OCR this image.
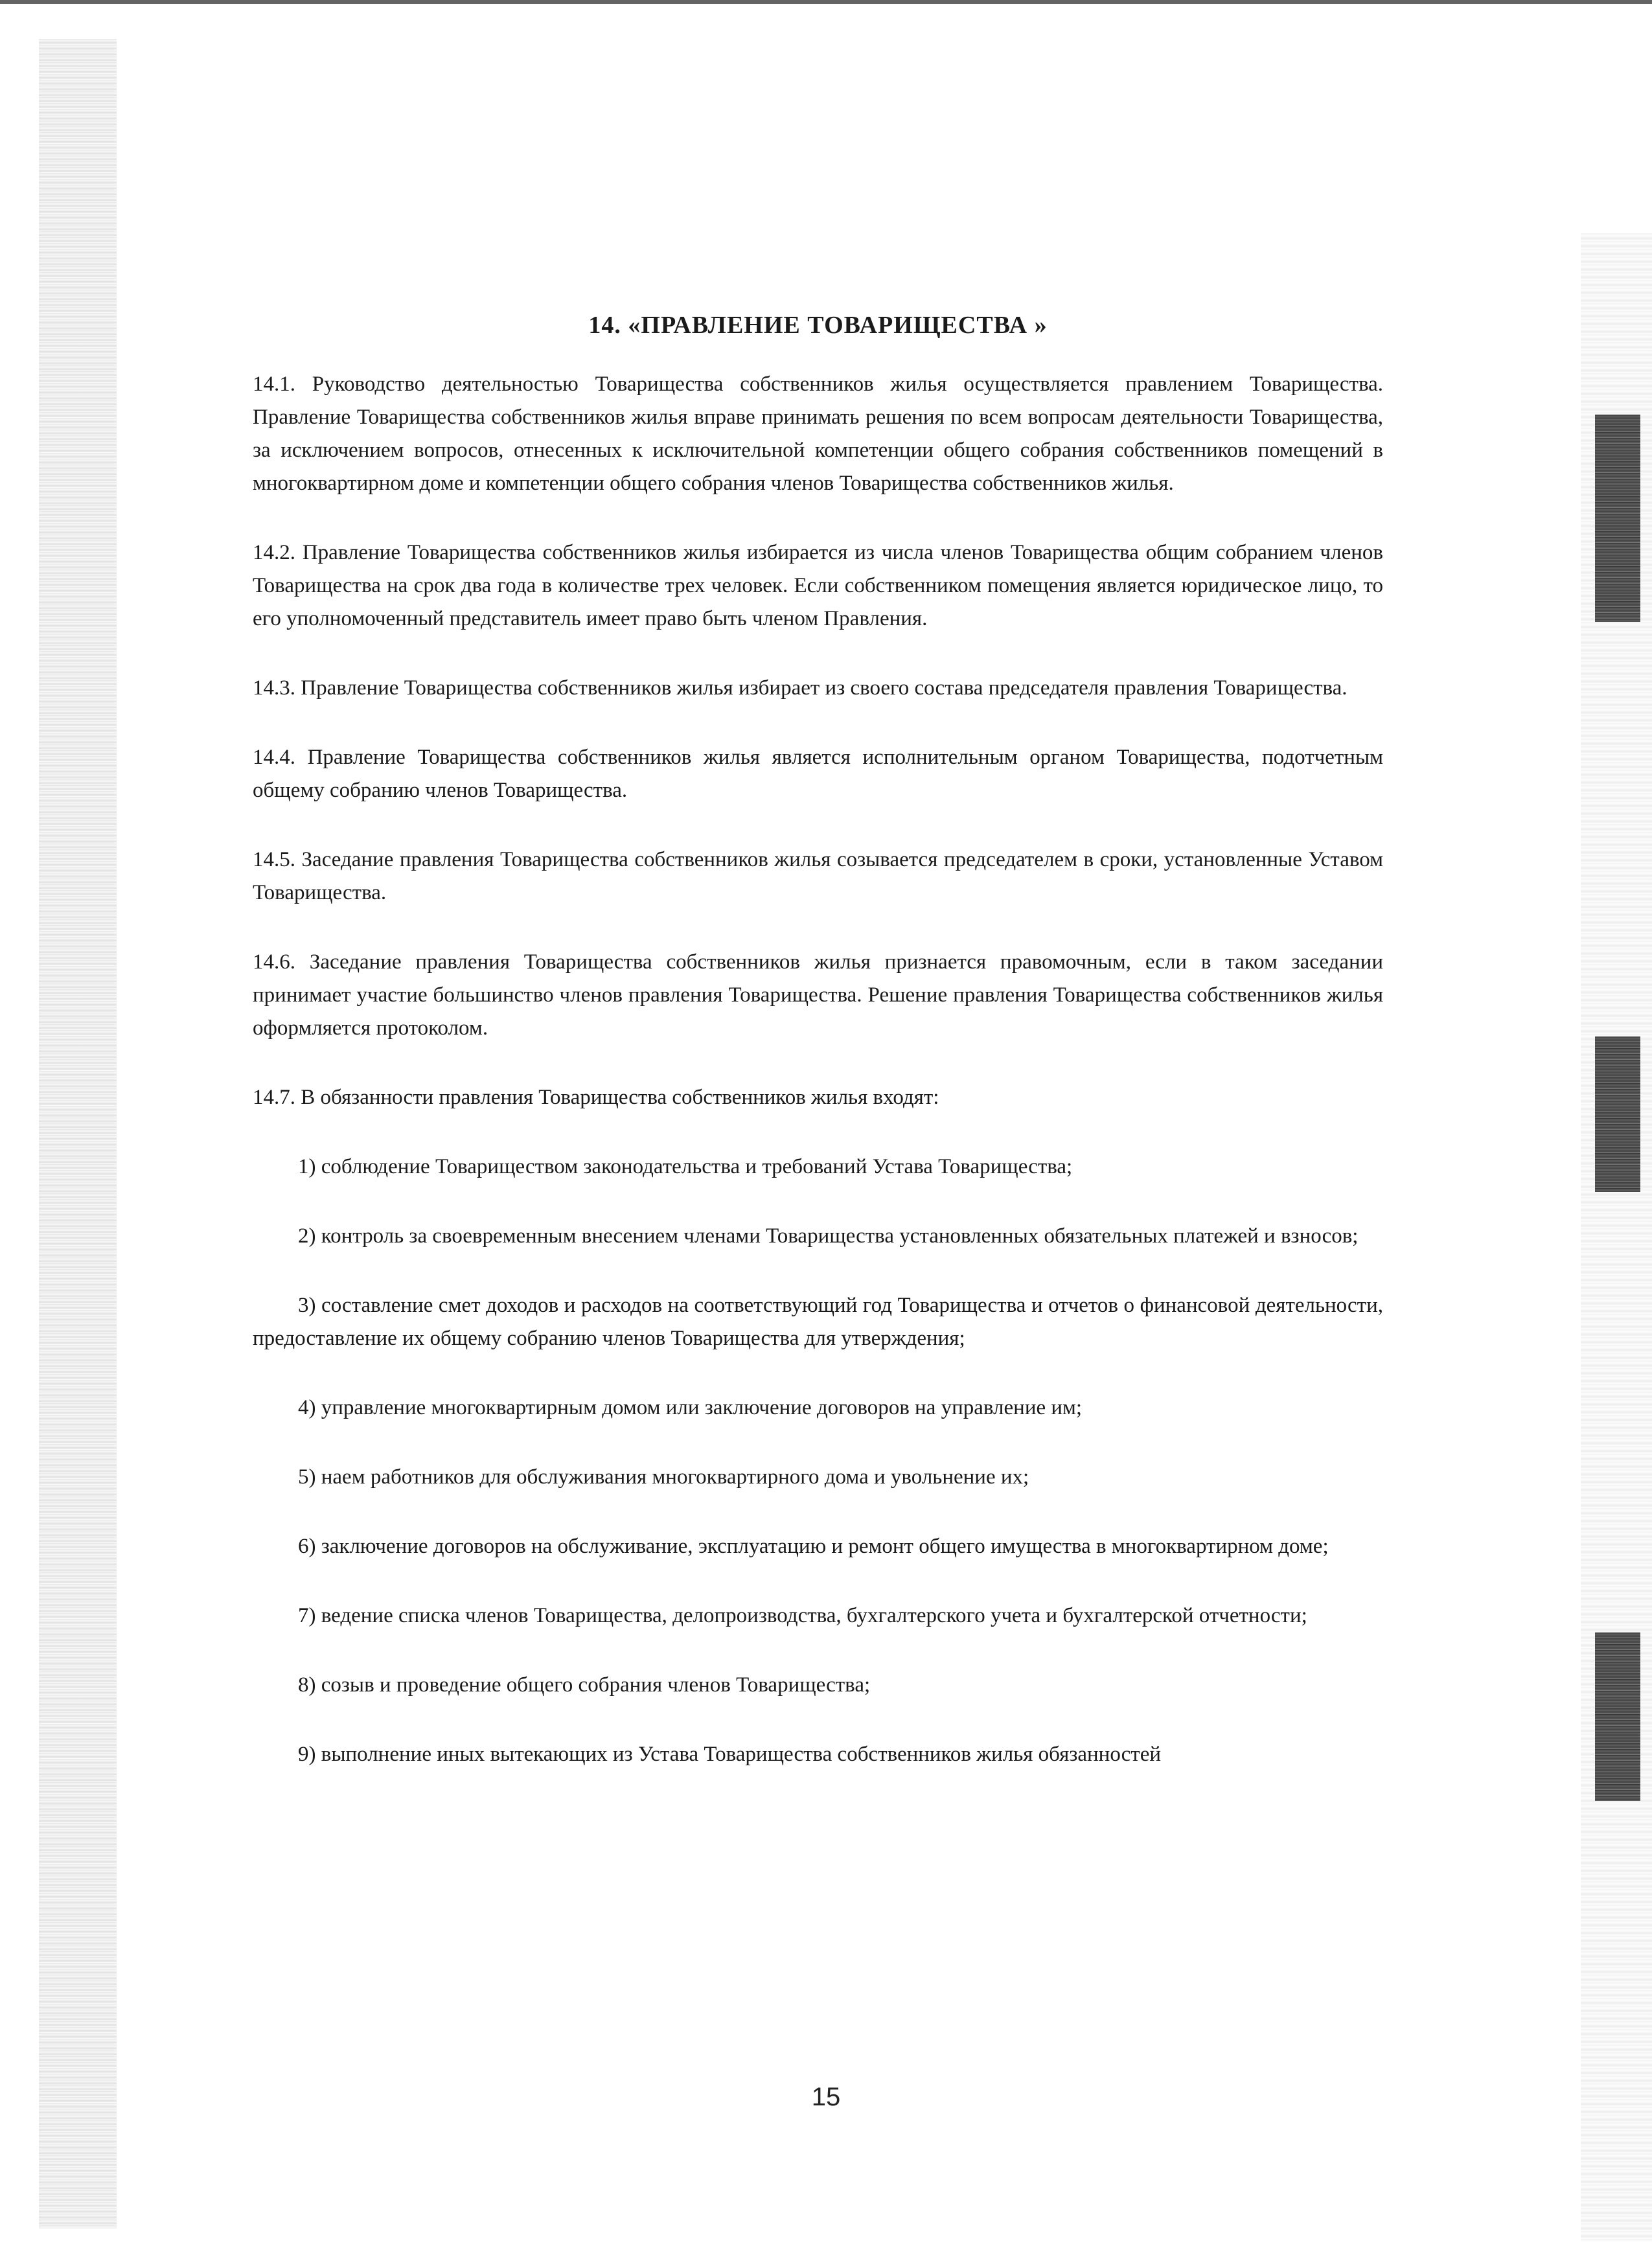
14. «ПРАВЛЕНИЕ ТОВАРИЩЕСТВА »

14.1. Руководство деятельностью Товарищества собственников жилья осуществляется правлением Товарищества. Правление Товарищества собственников жилья вправе принимать решения по всем вопросам деятельности Товарищества, за исключением вопросов, отнесенных к исключительной компетенции общего собрания собственников помещений в многоквартирном доме и компетенции общего собрания членов Товарищества собственников жилья.

14.2. Правление Товарищества собственников жилья избирается из числа членов Товарищества общим собранием членов Товарищества на срок два года в количестве трех человек. Если собственником помещения является юридическое лицо, то его уполномоченный представитель имеет право быть членом Правления.

14.3. Правление Товарищества собственников жилья избирает из своего состава председателя правления Товарищества.

14.4. Правление Товарищества собственников жилья является исполнительным органом Товарищества, подотчетным общему собранию членов Товарищества.

14.5. Заседание правления Товарищества собственников жилья созывается председателем в сроки, установленные Уставом Товарищества.

14.6. Заседание правления Товарищества собственников жилья признается правомочным, если в таком заседании принимает участие большинство членов правления Товарищества. Решение правления Товарищества собственников жилья оформляется протоколом.

14.7. В обязанности правления Товарищества собственников жилья входят:

1) соблюдение Товариществом законодательства и требований Устава Товарищества;

2) контроль за своевременным внесением членами Товарищества установленных обязательных платежей и взносов;

3) составление смет доходов и расходов на соответствующий год Товарищества и отчетов о финансовой деятельности, предоставление их общему собранию членов Товарищества для утверждения;

4) управление многоквартирным домом или заключение договоров на управление им;

5) наем работников для обслуживания многоквартирного дома и увольнение их;

6) заключение договоров на обслуживание, эксплуатацию и ремонт общего имущества в многоквартирном доме;

7) ведение списка членов Товарищества, делопроизводства, бухгалтерского учета и бухгалтерской отчетности;

8) созыв и проведение общего собрания членов Товарищества;

9) выполнение иных вытекающих из Устава Товарищества собственников жилья обязанностей

15
